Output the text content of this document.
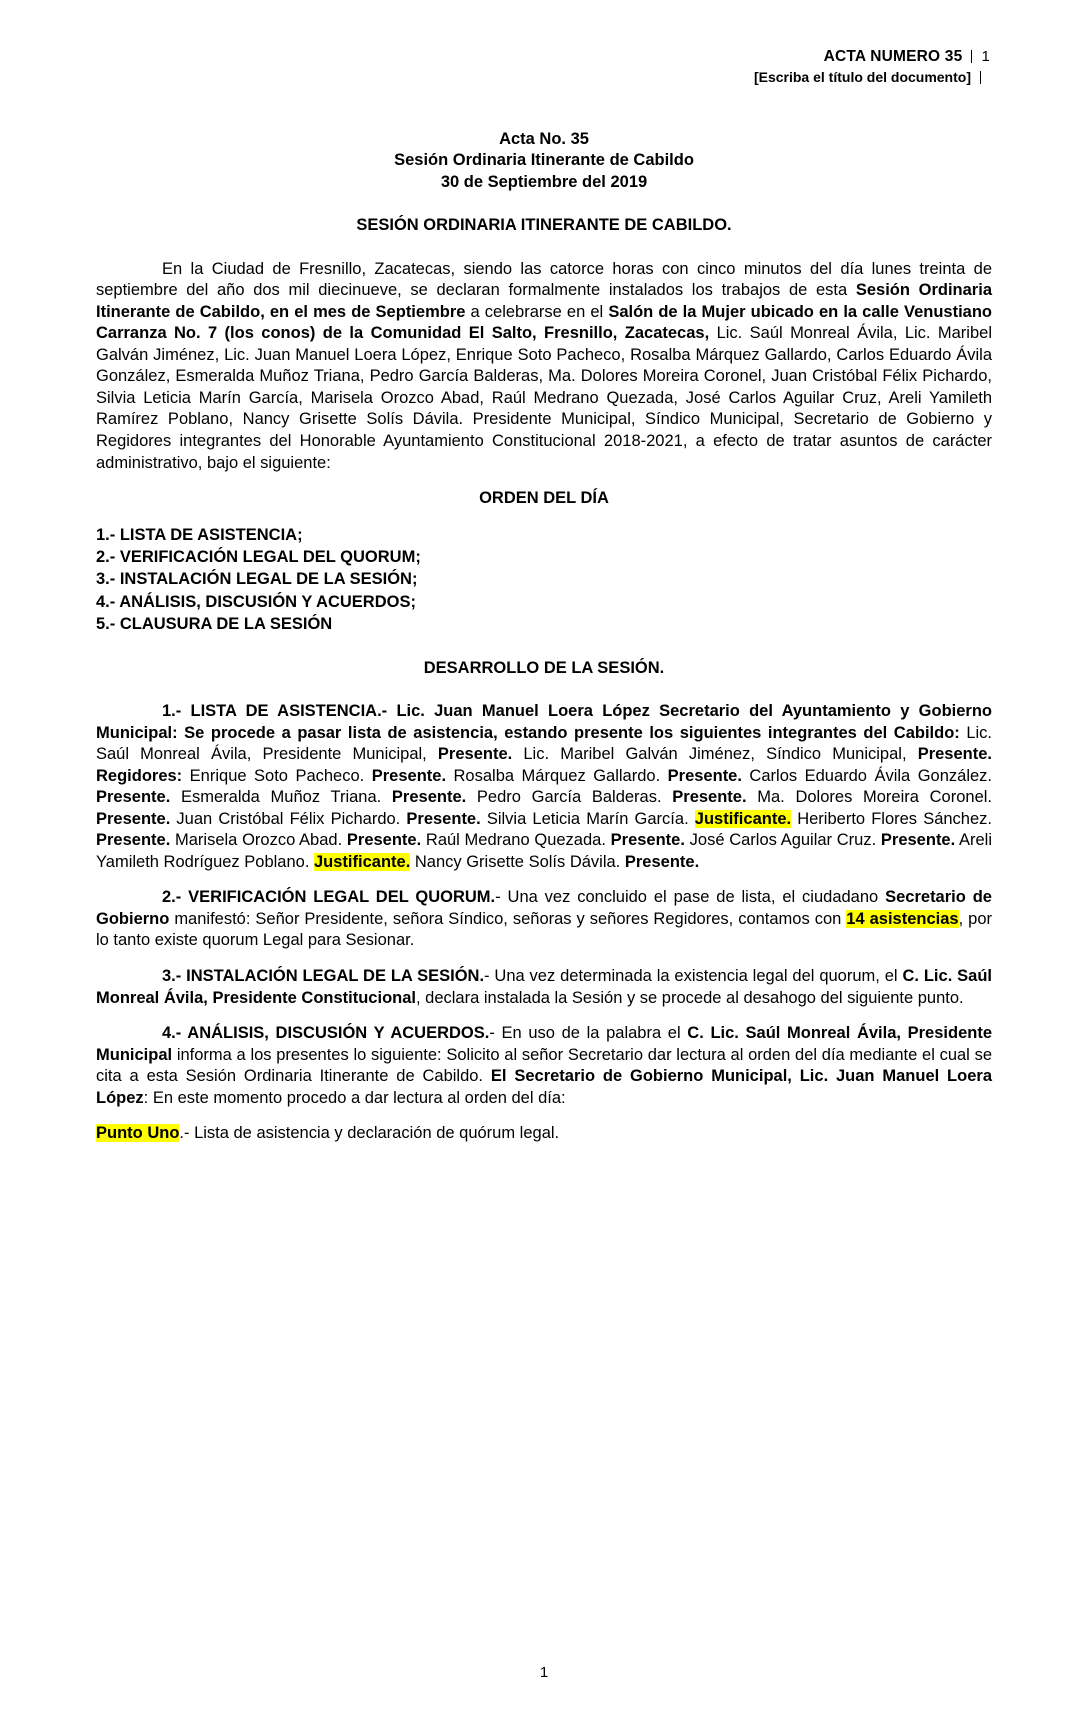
ACTA NUMERO 35 1
[Escriba el título del documento]
Acta No. 35
Sesión Ordinaria Itinerante de Cabildo
30 de Septiembre del 2019
SESIÓN ORDINARIA ITINERANTE DE CABILDO.

En la Ciudad de Fresnillo, Zacatecas, siendo las catorce horas con cinco minutos del día lunes treinta de septiembre del año dos mil diecinueve, se declaran formalmente instalados los trabajos de esta Sesión Ordinaria Itinerante de Cabildo, en el mes de Septiembre a celebrarse en el Salón de la Mujer ubicado en la calle Venustiano Carranza No. 7 (los conos) de la Comunidad El Salto, Fresnillo, Zacatecas, Lic. Saúl Monreal Ávila, Lic. Maribel Galván Jiménez, Lic. Juan Manuel Loera López, Enrique Soto Pacheco, Rosalba Márquez Gallardo, Carlos Eduardo Ávila González, Esmeralda Muñoz Triana, Pedro García Balderas, Ma. Dolores Moreira Coronel, Juan Cristóbal Félix Pichardo, Silvia Leticia Marín García, Marisela Orozco Abad, Raúl Medrano Quezada, José Carlos Aguilar Cruz, Areli Yamileth Ramírez Poblano, Nancy Grisette Solís Dávila. Presidente Municipal, Síndico Municipal, Secretario de Gobierno y Regidores integrantes del Honorable Ayuntamiento Constitucional 2018-2021, a efecto de tratar asuntos de carácter administrativo, bajo el siguiente:

ORDEN DEL DÍA
1.- LISTA DE ASISTENCIA;
2.- VERIFICACIÓN LEGAL DEL QUORUM;
3.- INSTALACIÓN LEGAL DE LA SESIÓN;
4.- ANÁLISIS, DISCUSIÓN Y ACUERDOS;
5.- CLAUSURA DE LA SESIÓN
DESARROLLO DE LA SESIÓN.

1.- LISTA DE ASISTENCIA.- Lic. Juan Manuel Loera López Secretario del Ayuntamiento y Gobierno Municipal: Se procede a pasar lista de asistencia, estando presente los siguientes integrantes del Cabildo: Lic. Saúl Monreal Ávila, Presidente Municipal, Presente. Lic. Maribel Galván Jiménez, Síndico Municipal, Presente. Regidores: Enrique Soto Pacheco. Presente. Rosalba Márquez Gallardo. Presente. Carlos Eduardo Ávila González. Presente. Esmeralda Muñoz Triana. Presente. Pedro García Balderas. Presente. Ma. Dolores Moreira Coronel. Presente. Juan Cristóbal Félix Pichardo. Presente. Silvia Leticia Marín García. Justificante. Heriberto Flores Sánchez. Presente. Marisela Orozco Abad. Presente. Raúl Medrano Quezada. Presente. José Carlos Aguilar Cruz. Presente. Areli Yamileth Rodríguez Poblano. Justificante. Nancy Grisette Solís Dávila. Presente.

2.- VERIFICACIÓN LEGAL DEL QUORUM.- Una vez concluido el pase de lista, el ciudadano Secretario de Gobierno manifestó: Señor Presidente, señora Síndico, señoras y señores Regidores, contamos con 14 asistencias, por lo tanto existe quorum Legal para Sesionar.

3.- INSTALACIÓN LEGAL DE LA SESIÓN.- Una vez determinada la existencia legal del quorum, el C. Lic. Saúl Monreal Ávila, Presidente Constitucional, declara instalada la Sesión y se procede al desahogo del siguiente punto.

4.- ANÁLISIS, DISCUSIÓN Y ACUERDOS.- En uso de la palabra el C. Lic. Saúl Monreal Ávila, Presidente Municipal informa a los presentes lo siguiente: Solicito al señor Secretario dar lectura al orden del día mediante el cual se cita a esta Sesión Ordinaria Itinerante de Cabildo. El Secretario de Gobierno Municipal, Lic. Juan Manuel Loera López: En este momento procedo a dar lectura al orden del día:

Punto Uno.- Lista de asistencia y declaración de quórum legal.

1
